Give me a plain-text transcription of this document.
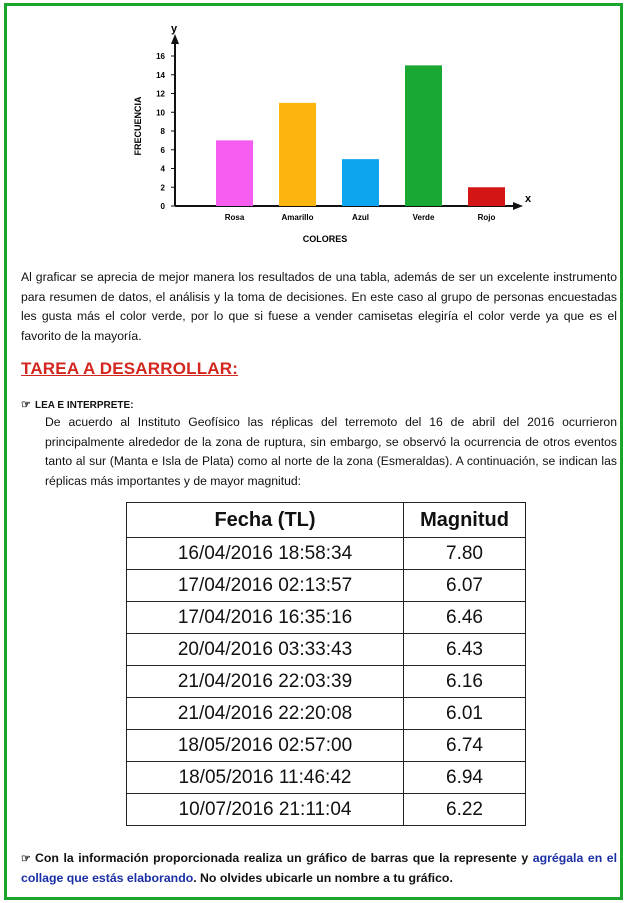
x
y
0
2
4
6
8
10
12
14
16
Rosa	Amarillo	Azul	Verde	Rojo
COLORES
FRECUENCIA

Al graficar se aprecia de mejor manera los resultados de una tabla, además de ser un excelente instrumento para resumen de datos, el análisis y la toma de decisiones. En este caso al grupo de personas encuestadas les gusta más el color verde, por lo que si fuese a vender camisetas elegiría el color verde ya que es el favorito de la mayoría.

TAREA A DESARROLLAR:
☞ LEA E INTERPRETE:

De acuerdo al Instituto Geofísico las réplicas del terremoto del 16 de abril del 2016 ocurrieron principalmente alrededor de la zona de ruptura, sin embargo, se observó la ocurrencia de otros eventos tanto al sur (Manta e Isla de Plata) como al norte de la zona (Esmeraldas). A continuación, se indican las réplicas más importantes y de mayor magnitud:

Fecha (TL)	Magnitud
16/04/2016 18:58:34	7.80
17/04/2016 02:13:57	6.07
17/04/2016 16:35:16	6.46
20/04/2016 03:33:43	6.43
21/04/2016 22:03:39	6.16
21/04/2016 22:20:08	6.01
18/05/2016 02:57:00	6.74
18/05/2016 11:46:42	6.94
10/07/2016 21:11:04	6.22

☞ Con la información proporcionada realiza un gráfico de barras que la represente y agrégala en el collage que estás elaborando. No olvides ubicarle un nombre a tu gráfico.
